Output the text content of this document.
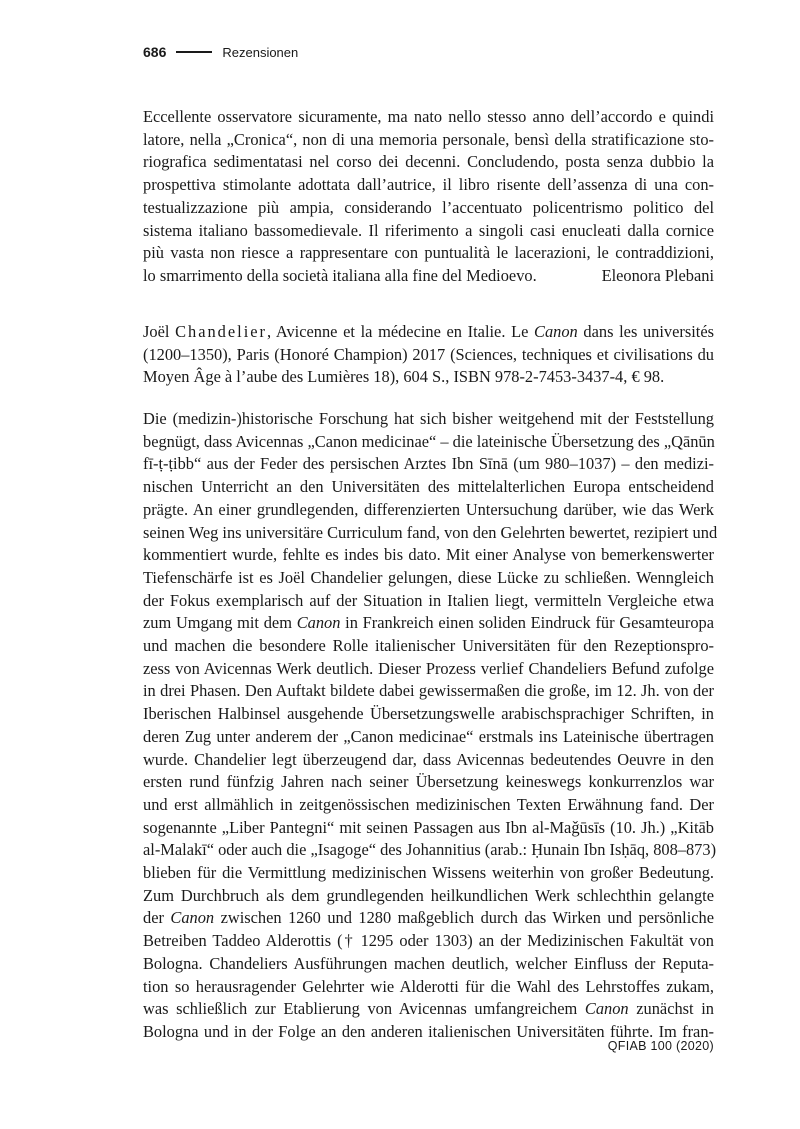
686	Rezensionen
Eccellente osservatore sicuramente, ma nato nello stesso anno dell’accordo e quindi
latore, nella „Cronica“, non di una memoria personale, bensì della stratificazione sto-
riografica sedimentatasi nel corso dei decenni. Concludendo, posta senza dubbio la
prospettiva stimolante adottata dall’autrice, il libro risente dell’assenza di una con-
testualizzazione più ampia, considerando l’accentuato policentrismo politico del
sistema italiano bassomedievale. Il riferimento a singoli casi enucleati dalla cornice
più vasta non riesce a rappresentare con puntualità le lacerazioni, le contraddizioni,
lo smarrimento della società italiana alla fine del Medioevo.	Eleonora Plebani
Joël Chandelier, Avicenne et la médecine en Italie. Le Canon dans les universités
(1200–1350), Paris (Honoré Champion) 2017 (Sciences, techniques et civilisations du
Moyen Âge à l’aube des Lumières 18), 604 S., ISBN 978-2-7453-3437-4, € 98.
Die (medizin-)historische Forschung hat sich bisher weitgehend mit der Feststellung
begnügt, dass Avicennas „Canon medicinae“ – die lateinische Übersetzung des „Qānūn
fī-ṭ-ṭibb“ aus der Feder des persischen Arztes Ibn Sīnā (um 980–1037) – den medizi-
nischen Unterricht an den Universitäten des mittelalterlichen Europa entscheidend
prägte. An einer grundlegenden, differenzierten Untersuchung darüber, wie das Werk
seinen Weg ins universitäre Curriculum fand, von den Gelehrten bewertet, rezipiert und
kommentiert wurde, fehlte es indes bis dato. Mit einer Analyse von bemerkenswerter
Tiefenschärfe ist es Joël Chandelier gelungen, diese Lücke zu schließen. Wenngleich
der Fokus exemplarisch auf der Situation in Italien liegt, vermitteln Vergleiche etwa
zum Umgang mit dem Canon in Frankreich einen soliden Eindruck für Gesamteuropa
und machen die besondere Rolle italienischer Universitäten für den Rezeptionspro-
zess von Avicennas Werk deutlich. Dieser Prozess verlief Chandeliers Befund zufolge
in drei Phasen. Den Auftakt bildete dabei gewissermaßen die große, im 12. Jh. von der
Iberischen Halbinsel ausgehende Übersetzungswelle arabischsprachiger Schriften, in
deren Zug unter anderem der „Canon medicinae“ erstmals ins Lateinische übertragen
wurde. Chandelier legt überzeugend dar, dass Avicennas bedeutendes Oeuvre in den
ersten rund fünfzig Jahren nach seiner Übersetzung keineswegs konkurrenzlos war
und erst allmählich in zeitgenössischen medizinischen Texten Erwähnung fand. Der
sogenannte „Liber Pantegni“ mit seinen Passagen aus Ibn al-Maǧūsīs (10. Jh.) „Kitāb
al-Malakī“ oder auch die „Isagoge“ des Johannitius (arab.: Ḥunain Ibn Isḥāq, 808–873)
blieben für die Vermittlung medizinischen Wissens weiterhin von großer Bedeutung.
Zum Durchbruch als dem grundlegenden heilkundlichen Werk schlechthin gelangte
der Canon zwischen 1260 und 1280 maßgeblich durch das Wirken und persönliche
Betreiben Taddeo Alderottis († 1295 oder 1303) an der Medizinischen Fakultät von
Bologna. Chandeliers Ausführungen machen deutlich, welcher Einfluss der Reputa-
tion so herausragender Gelehrter wie Alderotti für die Wahl des Lehrstoffes zukam,
was schließlich zur Etablierung von Avicennas umfangreichem Canon zunächst in
Bologna und in der Folge an den anderen italienischen Universitäten führte. Im fran-
QFIAB 100 (2020)
